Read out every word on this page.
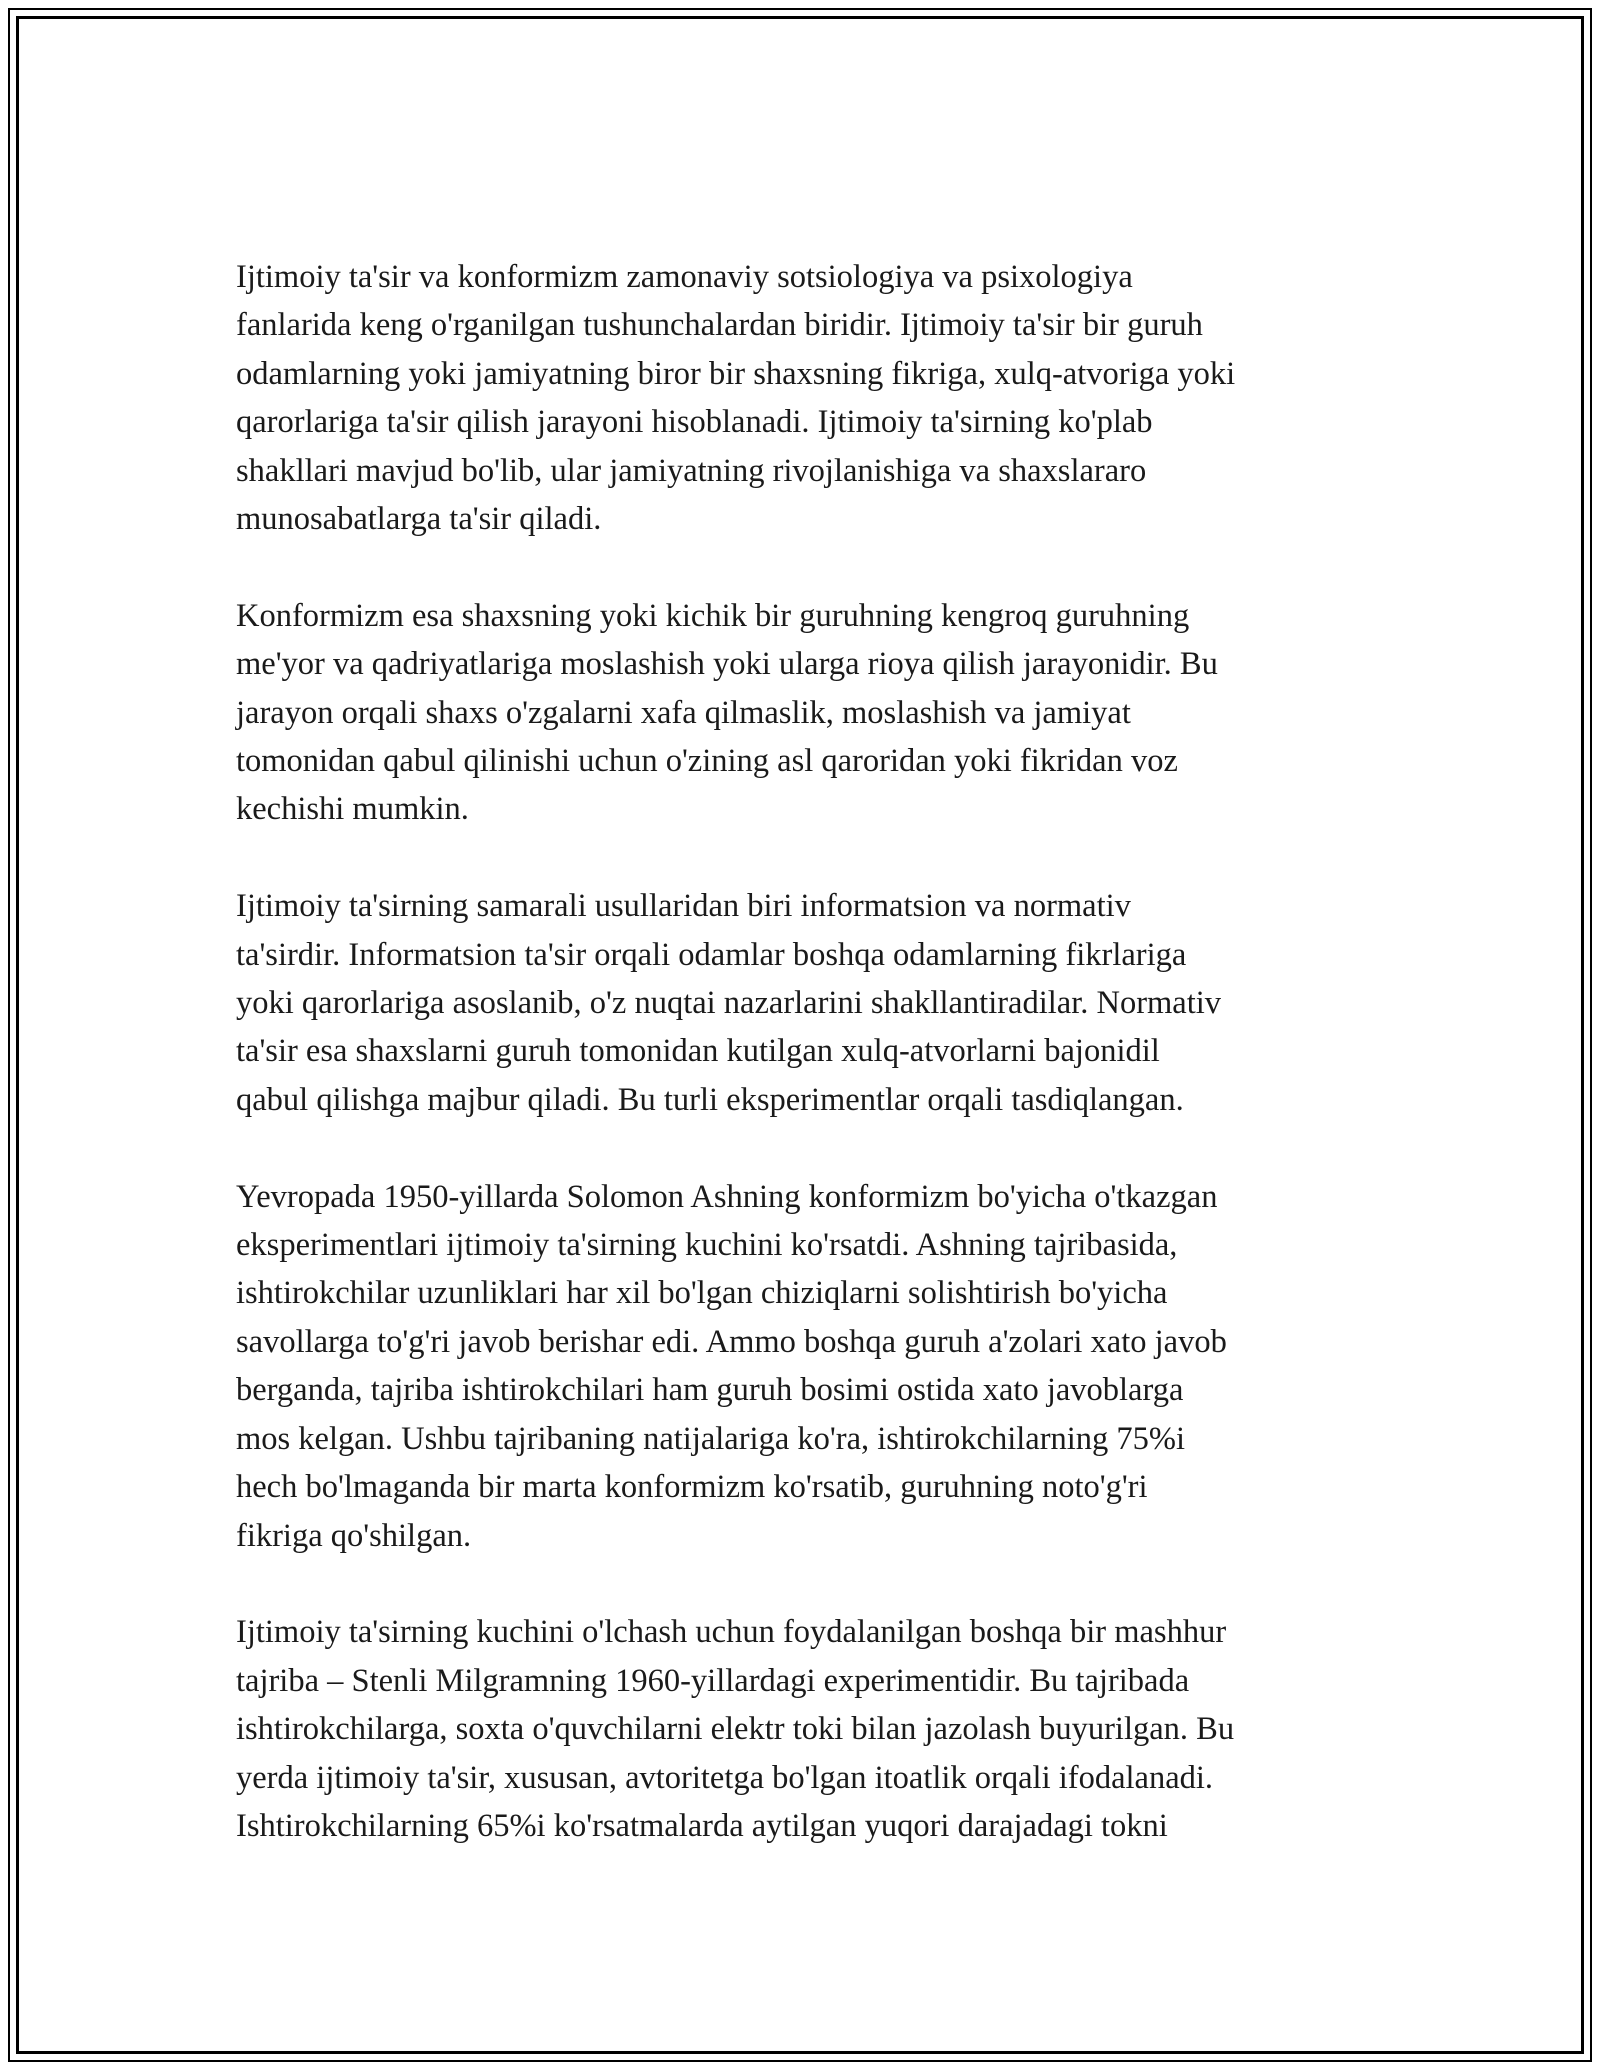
Ijtimoiy ta'sir va konformizm zamonaviy sotsiologiya va psixologiya
fanlarida keng o'rganilgan tushunchalardan biridir. Ijtimoiy ta'sir bir guruh
odamlarning yoki jamiyatning biror bir shaxsning fikriga, xulq-atvoriga yoki
qarorlariga ta'sir qilish jarayoni hisoblanadi. Ijtimoiy ta'sirning ko'plab
shakllari mavjud bo'lib, ular jamiyatning rivojlanishiga va shaxslararo
munosabatlarga ta'sir qiladi.

Konformizm esa shaxsning yoki kichik bir guruhning kengroq guruhning
me'yor va qadriyatlariga moslashish yoki ularga rioya qilish jarayonidir. Bu
jarayon orqali shaxs o'zgalarni xafa qilmaslik, moslashish va jamiyat
tomonidan qabul qilinishi uchun o'zining asl qaroridan yoki fikridan voz
kechishi mumkin.

Ijtimoiy ta'sirning samarali usullaridan biri informatsion va normativ
ta'sirdir. Informatsion ta'sir orqali odamlar boshqa odamlarning fikrlariga
yoki qarorlariga asoslanib, o'z nuqtai nazarlarini shakllantiradilar. Normativ
ta'sir esa shaxslarni guruh tomonidan kutilgan xulq-atvorlarni bajonidil
qabul qilishga majbur qiladi. Bu turli eksperimentlar orqali tasdiqlangan.

Yevropada 1950-yillarda Solomon Ashning konformizm bo'yicha o'tkazgan
eksperimentlari ijtimoiy ta'sirning kuchini ko'rsatdi. Ashning tajribasida,
ishtirokchilar uzunliklari har xil bo'lgan chiziqlarni solishtirish bo'yicha
savollarga to'g'ri javob berishar edi. Ammo boshqa guruh a'zolari xato javob
berganda, tajriba ishtirokchilari ham guruh bosimi ostida xato javoblarga
mos kelgan. Ushbu tajribaning natijalariga ko'ra, ishtirokchilarning 75%i
hech bo'lmaganda bir marta konformizm ko'rsatib, guruhning noto'g'ri
fikriga qo'shilgan.

Ijtimoiy ta'sirning kuchini o'lchash uchun foydalanilgan boshqa bir mashhur
tajriba – Stenli Milgramning 1960-yillardagi experimentidir. Bu tajribada
ishtirokchilarga, soxta o'quvchilarni elektr toki bilan jazolash buyurilgan. Bu
yerda ijtimoiy ta'sir, xususan, avtoritetga bo'lgan itoatlik orqali ifodalanadi.
Ishtirokchilarning 65%i ko'rsatmalarda aytilgan yuqori darajadagi tokni
